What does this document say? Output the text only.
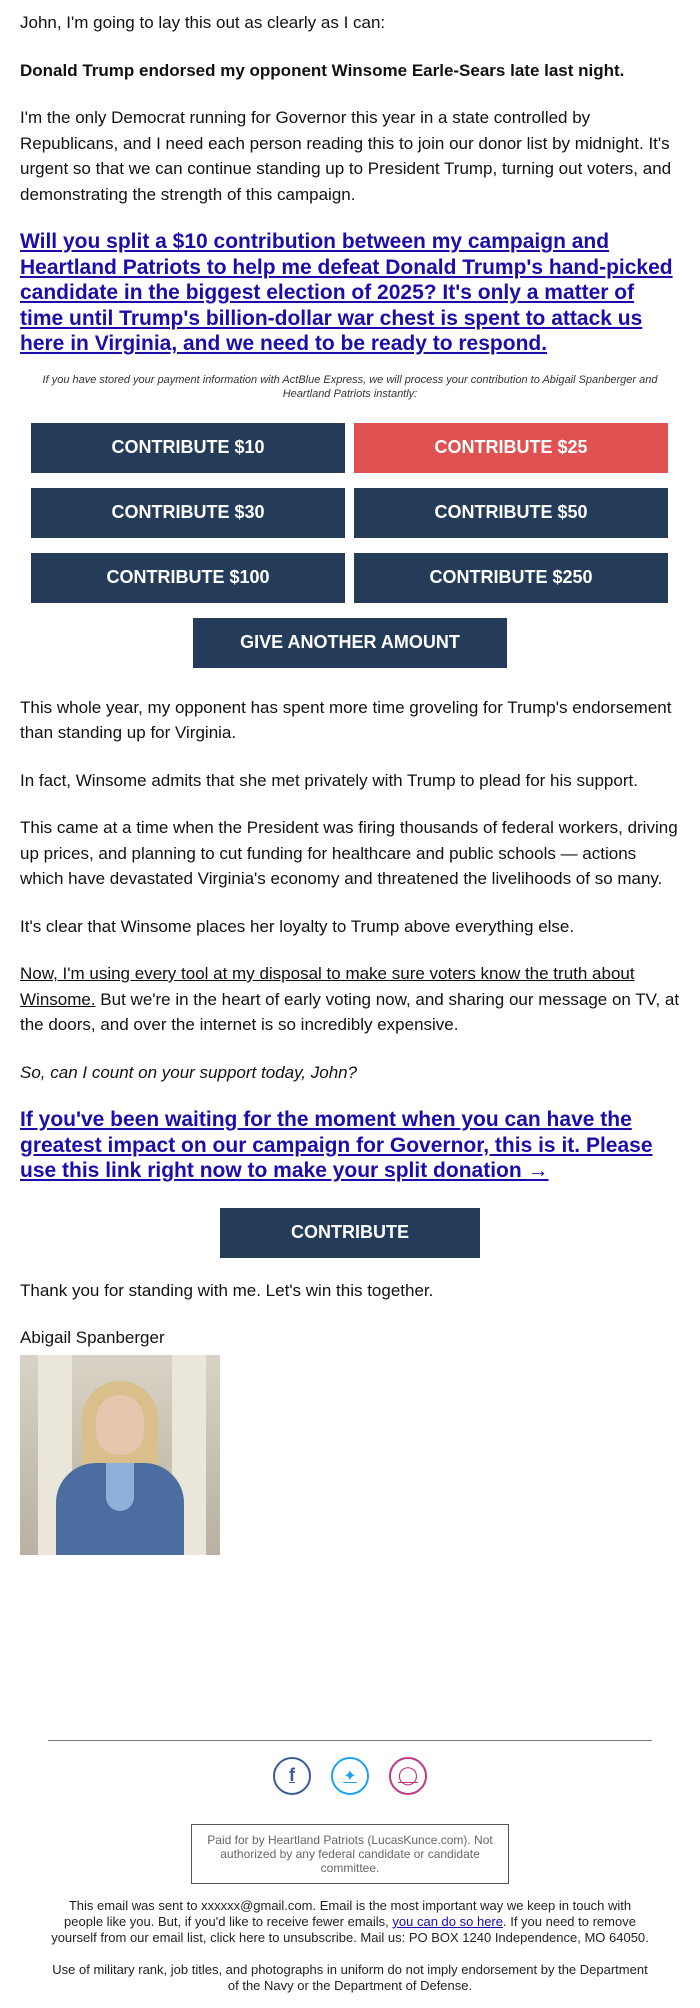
John, I'm going to lay this out as clearly as I can:

Donald Trump endorsed my opponent Winsome Earle-Sears late last night.

I'm the only Democrat running for Governor this year in a state controlled by Republicans, and I need each person reading this to join our donor list by midnight. It's urgent so that we can continue standing up to President Trump, turning out voters, and demonstrating the strength of this campaign.

Will you split a $10 contribution between my campaign and Heartland Patriots to help me defeat Donald Trump's hand-picked candidate in the biggest election of 2025? It's only a matter of time until Trump's billion-dollar war chest is spent to attack us here in Virginia, and we need to be ready to respond.

If you have stored your payment information with ActBlue Express, we will process your contribution to Abigail Spanberger and Heartland Patriots instantly:

CONTRIBUTE $10	CONTRIBUTE $25
CONTRIBUTE $30	CONTRIBUTE $50
CONTRIBUTE $100	CONTRIBUTE $250
GIVE ANOTHER AMOUNT

This whole year, my opponent has spent more time groveling for Trump's endorsement than standing up for Virginia.

In fact, Winsome admits that she met privately with Trump to plead for his support.

This came at a time when the President was firing thousands of federal workers, driving up prices, and planning to cut funding for healthcare and public schools — actions which have devastated Virginia's economy and threatened the livelihoods of so many.

It's clear that Winsome places her loyalty to Trump above everything else.

Now, I'm using every tool at my disposal to make sure voters know the truth about Winsome. But we're in the heart of early voting now, and sharing our message on TV, at the doors, and over the internet is so incredibly expensive.

So, can I count on your support today, John?

If you've been waiting for the moment when you can have the greatest impact on our campaign for Governor, this is it. Please use this link right now to make your split donation →
CONTRIBUTE

Thank you for standing with me. Let's win this together.

Abigail Spanberger

f	✦	◯
Paid for by Heartland Patriots (LucasKunce.com). Not authorized by any federal candidate or candidate committee.

This email was sent to xxxxxx@gmail.com. Email is the most important way we keep in touch with people like you. But, if you'd like to receive fewer emails, you can do so here. If you need to remove yourself from our email list, click here to unsubscribe. Mail us: PO BOX 1240 Independence, MO 64050.

Use of military rank, job titles, and photographs in uniform do not imply endorsement by the Department of the Navy or the Department of Defense.
